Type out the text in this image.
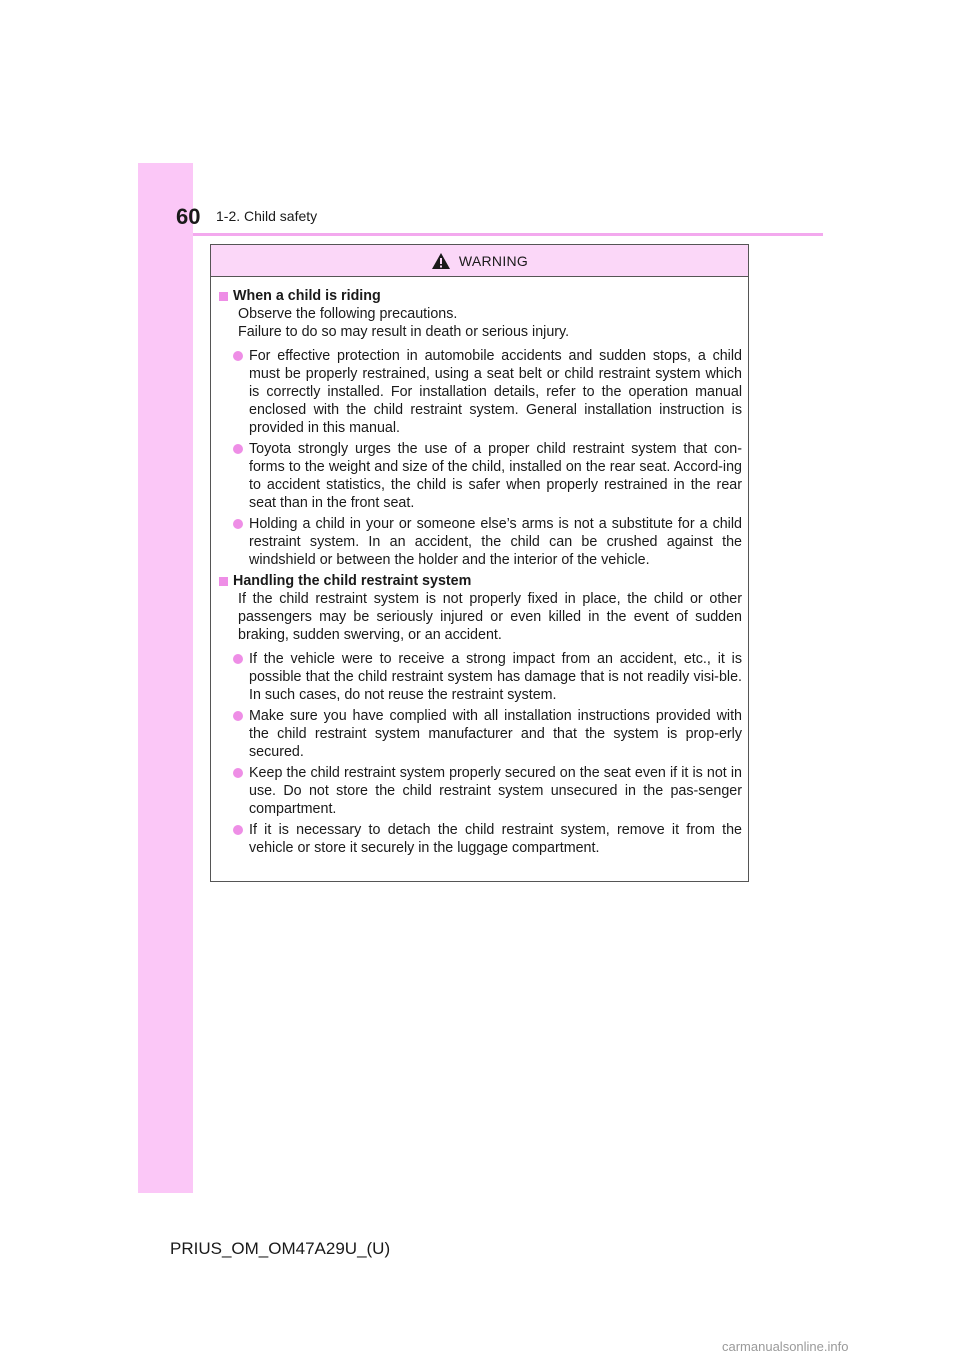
60 1-2. Child safety
WARNING
When a child is riding

Observe the following precautions.

Failure to do so may result in death or serious injury.

For effective protection in automobile accidents and sudden stops, a child must be properly restrained, using a seat belt or child restraint system which is correctly installed. For installation details, refer to the operation manual enclosed with the child restraint system. General installation instruction is provided in this manual.
Toyota strongly urges the use of a proper child restraint system that con-forms to the weight and size of the child, installed on the rear seat. Accord-ing to accident statistics, the child is safer when properly restrained in the rear seat than in the front seat.
Holding a child in your or someone else’s arms is not a substitute for a child restraint system. In an accident, the child can be crushed against the windshield or between the holder and the interior of the vehicle.
Handling the child restraint system

If the child restraint system is not properly fixed in place, the child or other passengers may be seriously injured or even killed in the event of sudden braking, sudden swerving, or an accident.

If the vehicle were to receive a strong impact from an accident, etc., it is possible that the child restraint system has damage that is not readily visi-ble. In such cases, do not reuse the restraint system.
Make sure you have complied with all installation instructions provided with the child restraint system manufacturer and that the system is prop-erly secured.
Keep the child restraint system properly secured on the seat even if it is not in use. Do not store the child restraint system unsecured in the pas-senger compartment.
If it is necessary to detach the child restraint system, remove it from the vehicle or store it securely in the luggage compartment.
PRIUS_OM_OM47A29U_(U)
carmanualsonline.info
